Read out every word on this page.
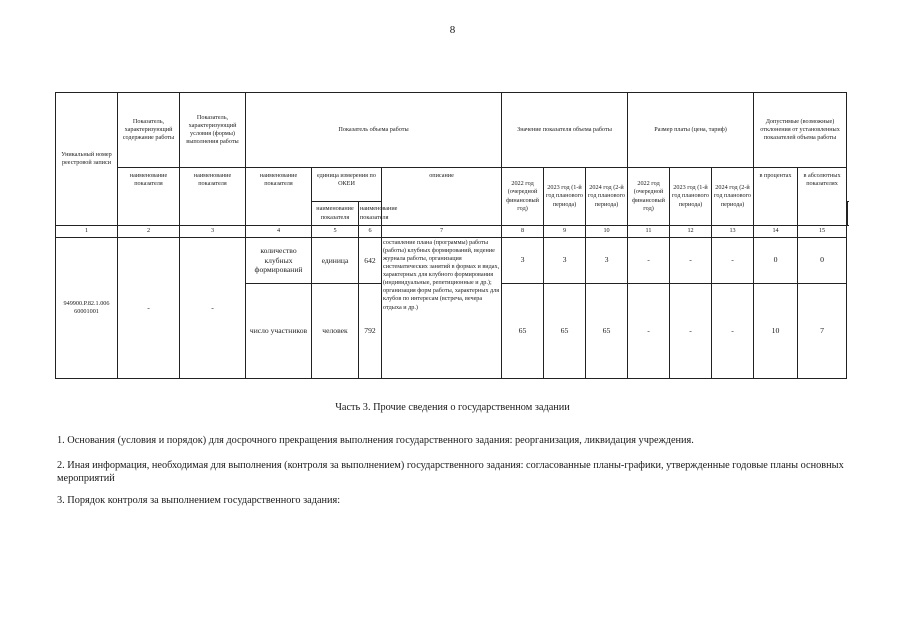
8
Уникальный номер реестровой записи	Показатель, характеризующий содержание работы	Показатель, характеризующий условия (формы) выполнения работы	Показатель объема работы				Значение показателя объема работы			Размер платы (цена, тариф)			Допустимые (возможные) отклонения от установленных показателей объема работы		
	наименование показателя	наименование показателя	наименование показателя	единица измерения по ОКЕИ		описание	2022 год (очередной финансовый год)	2023 год (1-й год планового периода)	2024 год (2-й год планового периода)	2022 год (очередной финансовый год)	2023 год (1-й год планового периода)	2024 год (2-й год планового периода)	в процентах	в абсолютных показателях	
				наименование показателя	наименование показателя		
1	2	3	4	5	6	7	8	9	10	11	12	13	14	15	
949900.Р.82.1.006 60001001	-	-	количество клубных формирований	единица	642	составление плана (программы) работы (работы) клубных формирований, ведение журнала работы, организация систематических занятий в формах и видах, характерных для клубного формирования (индивидуальные, репетиционные и др.); организация форм работы, характерных для клубов по интересам (встреча, вечера отдыха и др.)	3	3	3	-	-	-	0	0	
			число участников	человек	792		65	65	65	-	-	-	10	7	
Часть 3. Прочие сведения о государственном задании
1. Основания (условия и порядок) для досрочного прекращения выполнения государственного задания: реорганизация, ликвидация учреждения.
2. Иная информация, необходимая для выполнения (контроля за выполнением) государственного задания: согласованные планы-графики, утвержденные годовые планы основных мероприятий
3. Порядок контроля за выполнением государственного задания:
